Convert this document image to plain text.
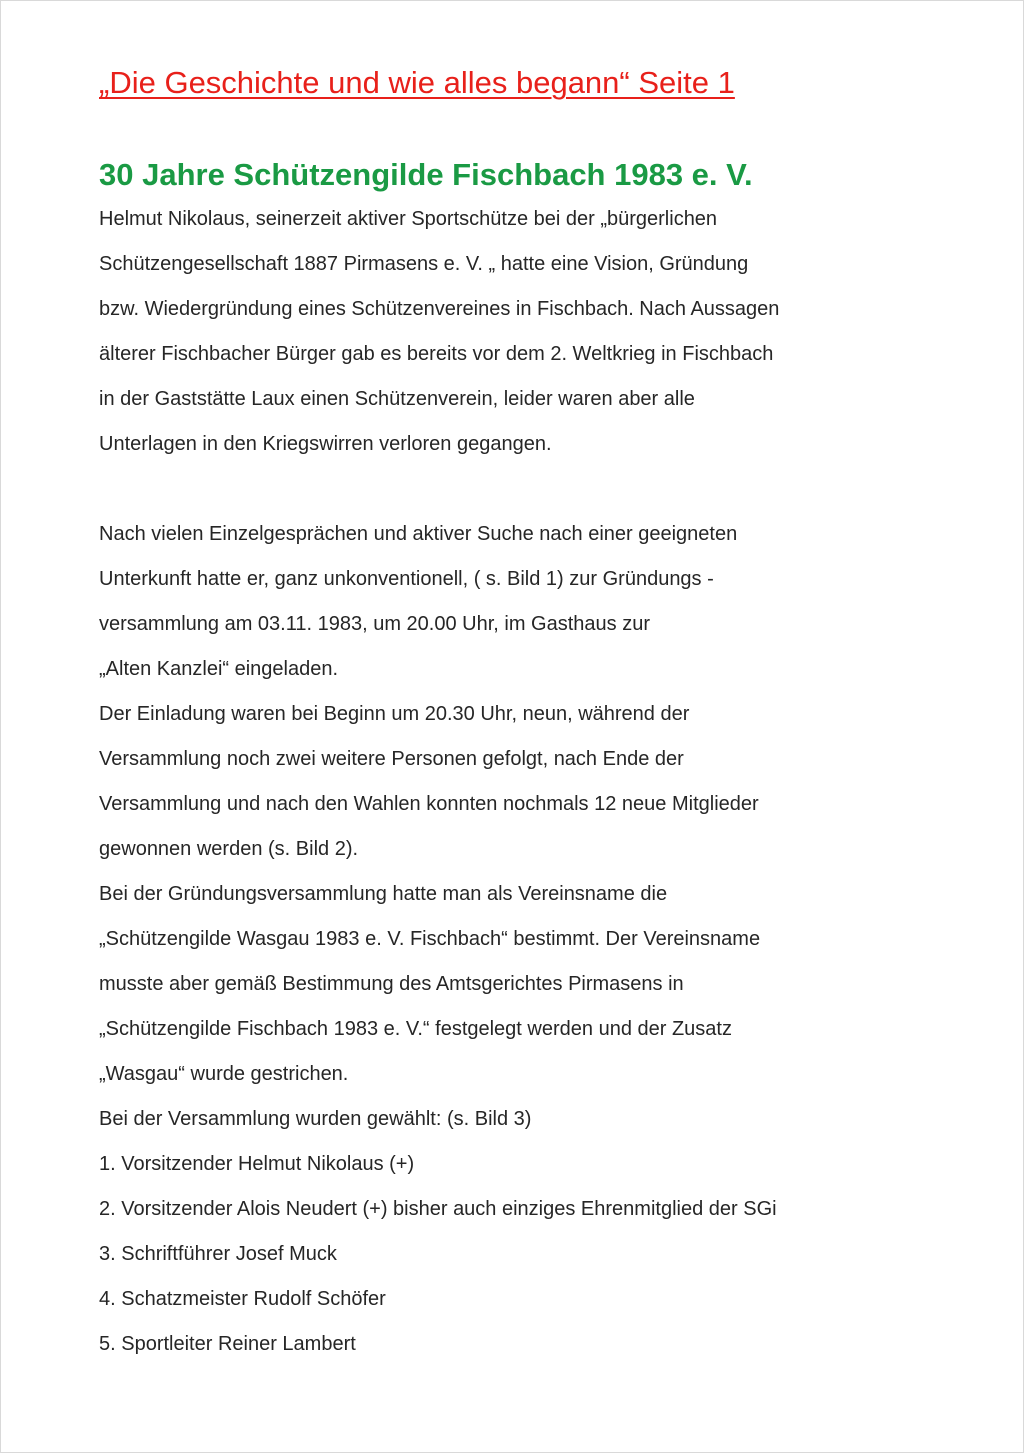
„Die Geschichte und wie alles begann“ Seite 1
30 Jahre Schützengilde Fischbach 1983 e. V.
Helmut Nikolaus, seinerzeit aktiver Sportschütze bei der „bürgerlichen
Schützengesellschaft 1887 Pirmasens e. V. „ hatte eine Vision, Gründung
bzw. Wiedergründung eines Schützenvereines in Fischbach. Nach Aussagen
älterer Fischbacher Bürger gab es bereits vor dem 2. Weltkrieg in Fischbach
in der Gaststätte Laux einen Schützenverein, leider waren aber alle
Unterlagen in den Kriegswirren verloren gegangen.
Nach vielen Einzelgesprächen und aktiver Suche nach einer geeigneten
Unterkunft hatte er, ganz unkonventionell, ( s. Bild 1) zur Gründungs -
versammlung am 03.11. 1983, um 20.00 Uhr, im Gasthaus zur
„Alten Kanzlei“ eingeladen.
Der Einladung waren bei Beginn um 20.30 Uhr, neun, während der
Versammlung noch zwei weitere Personen gefolgt, nach Ende der
Versammlung und nach den Wahlen konnten nochmals 12 neue Mitglieder
gewonnen werden (s. Bild 2).
Bei der Gründungsversammlung hatte man als Vereinsname die
„Schützengilde Wasgau 1983 e. V. Fischbach“ bestimmt. Der Vereinsname
musste aber gemäß Bestimmung des Amtsgerichtes Pirmasens in
„Schützengilde Fischbach 1983 e. V.“ festgelegt werden und der Zusatz
„Wasgau“ wurde gestrichen.
Bei der Versammlung wurden gewählt: (s. Bild 3)
1. Vorsitzender Helmut Nikolaus (+)
2. Vorsitzender Alois Neudert (+) bisher auch einziges Ehrenmitglied der SGi
3. Schriftführer Josef Muck
4. Schatzmeister Rudolf Schöfer
5. Sportleiter Reiner Lambert
